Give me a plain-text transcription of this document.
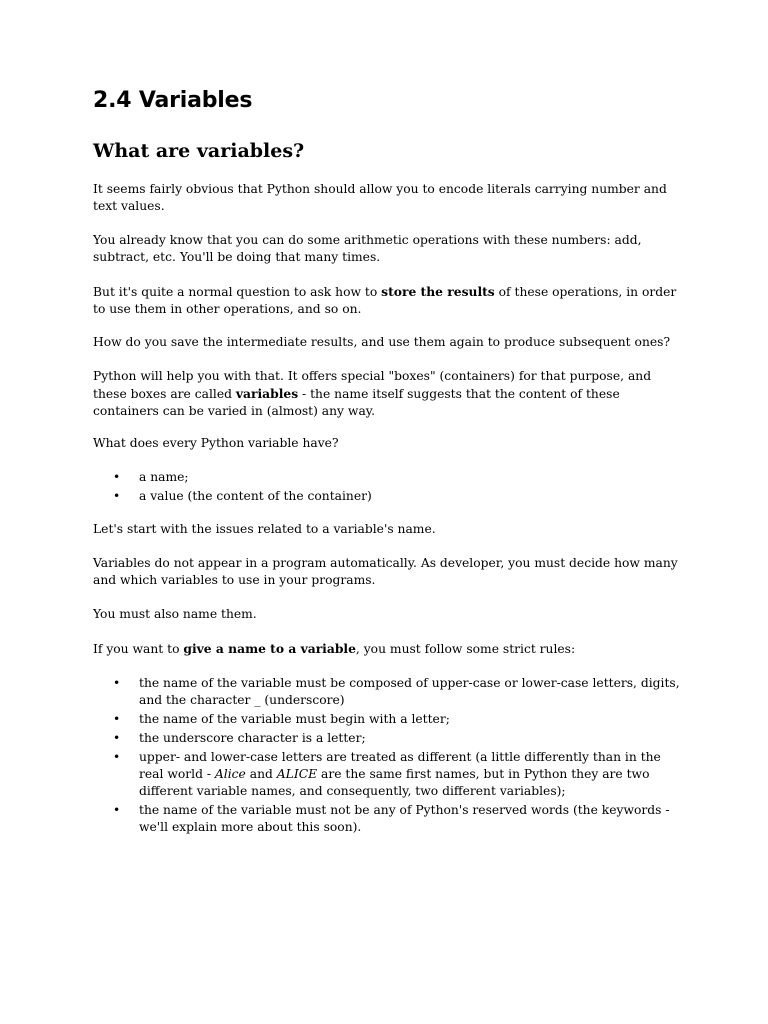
2.4 Variables
What are variables?

It seems fairly obvious that Python should allow you to encode literals carrying number and text values.

You already know that you can do some arithmetic operations with these numbers: add, subtract, etc. You'll be doing that many times.

But it's quite a normal question to ask how to store the results of these operations, in order to use them in other operations, and so on.

How do you save the intermediate results, and use them again to produce subsequent ones?

Python will help you with that. It offers special "boxes" (containers) for that purpose, and these boxes are called variables - the name itself suggests that the content of these containers can be varied in (almost) any way.

What does every Python variable have?

• a name;
• a value (the content of the container)

Let's start with the issues related to a variable's name.

Variables do not appear in a program automatically. As developer, you must decide how many and which variables to use in your programs.

You must also name them.

If you want to give a name to a variable, you must follow some strict rules:

• the name of the variable must be composed of upper-case or lower-case letters, digits, and the character _ (underscore)
• the name of the variable must begin with a letter;
• the underscore character is a letter;
• upper- and lower-case letters are treated as different (a little differently than in the real world - Alice and ALICE are the same first names, but in Python they are two different variable names, and consequently, two different variables);
• the name of the variable must not be any of Python's reserved words (the keywords - we'll explain more about this soon).
